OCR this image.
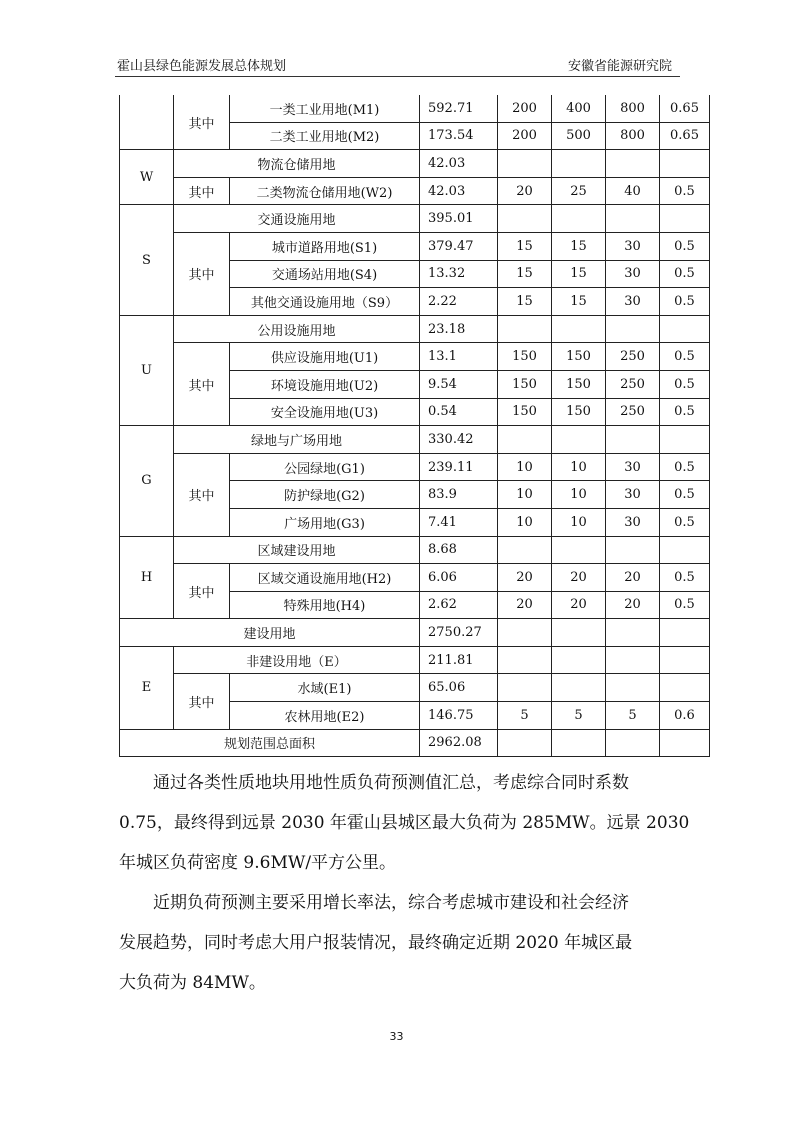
霍山县绿色能源发展总体规划	安徽省能源研究院
	其中	一类工业用地(M1)	592.71	200	400	800	0.65
		二类工业用地(M2)	173.54	200	500	800	0.65
W	物流仓储用地		42.03				
	其中	二类物流仓储用地(W2)	42.03	20	25	40	0.5
S	交通设施用地		395.01				
	其中	城市道路用地(S1)	379.47	15	15	30	0.5
		交通场站用地(S4)	13.32	15	15	30	0.5
		其他交通设施用地（S9）	2.22	15	15	30	0.5
U	公用设施用地		23.18				
	其中	供应设施用地(U1)	13.1	150	150	250	0.5
		环境设施用地(U2)	9.54	150	150	250	0.5
		安全设施用地(U3)	0.54	150	150	250	0.5
G	绿地与广场用地		330.42				
	其中	公园绿地(G1)	239.11	10	10	30	0.5
		防护绿地(G2)	83.9	10	10	30	0.5
		广场用地(G3)	7.41	10	10	30	0.5
H	区域建设用地		8.68				
	其中	区域交通设施用地(H2)	6.06	20	20	20	0.5
		特殊用地(H4)	2.62	20	20	20	0.5
建设用地			2750.27				
E	非建设用地（E）		211.81				
	其中	水域(E1)	65.06				
		农林用地(E2)	146.75	5	5	5	0.6
规划范围总面积			2962.08				

通过各类性质地块用地性质负荷预测值汇总，考虑综合同时系数
0.75，最终得到远景 2030 年霍山县城区最大负荷为 285MW。远景 2030
年城区负荷密度 9.6MW/平方公里。

近期负荷预测主要采用增长率法，综合考虑城市建设和社会经济
发展趋势，同时考虑大用户报装情况，最终确定近期 2020 年城区最
大负荷为 84MW。

33
